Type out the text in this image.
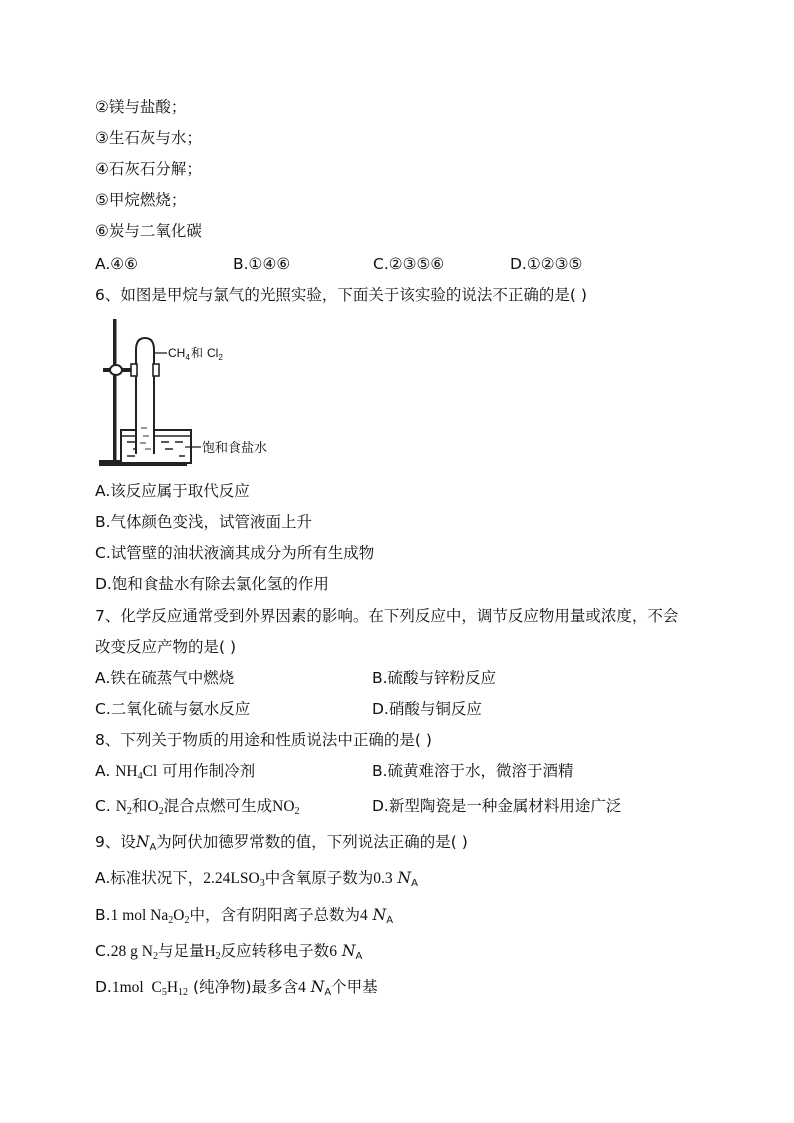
②镁与盐酸；
③生石灰与水；
④石灰石分解；
⑤甲烷燃烧；
⑥炭与二氧化碳
A.④⑥	B.①④⑥	C.②③⑤⑥	D.①②③⑤
6、如图是甲烷与氯气的光照实验，下面关于该实验的说法不正确的是( )
$CH_4$ 和 $Cl_2$
饱和食盐水
A.该反应属于取代反应
B.气体颜色变浅，试管液面上升
C.试管壁的油状液滴其成分为所有生成物
D.饱和食盐水有除去氯化氢的作用
7、化学反应通常受到外界因素的影响。在下列反应中，调节反应物用量或浓度，不会
改变反应产物的是( )
A.铁在硫蒸气中燃烧	B.硫酸与锌粉反应
C.二氧化硫与氨水反应	D.硝酸与铜反应
8、下列关于物质的用途和性质说法中正确的是( )
A. $NH_4Cl$ 可用作制冷剂	B.硫黄难溶于水，微溶于酒精
C. $N_2$和$O_2$混合点燃可生成$NO_2$	D.新型陶瓷是一种金属材料用途广泛
9、设$N_A$为阿伏加德罗常数的值，下列说法正确的是( )
A.标准状况下，$2.24LSO_3$中含氧原子数为0.3 $N_A$
B.1 mol $Na_2O_2$中，含有阴阳离子总数为4 $N_A$
C.28 g $N_2$与足量$H_2$反应转移电子数6 $N_A$
D.1mol  $C_5H_{12}$ (纯净物)最多含4 $N_A$个甲基
